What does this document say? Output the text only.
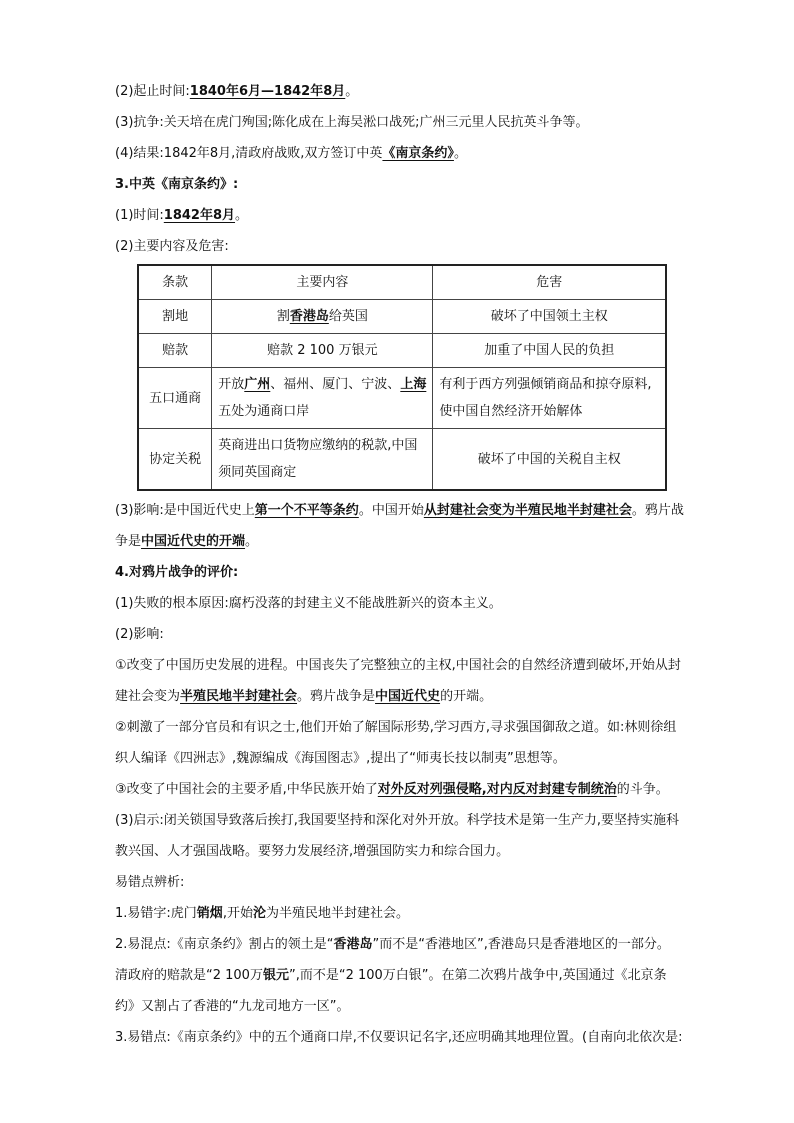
(2)起止时间:1840年6月—1842年8月。

(3)抗争:关天培在虎门殉国;陈化成在上海吴淞口战死;广州三元里人民抗英斗争等。

(4)结果:1842年8月,清政府战败,双方签订中英《南京条约》。

3.中英《南京条约》:

(1)时间:1842年8月。

(2)主要内容及危害:

条款	主要内容	危害
割地	割香港岛给英国	破坏了中国领土主权
赔款	赔款 2 100 万银元	加重了中国人民的负担
五口通商	开放广州、福州、厦门、宁波、上海五处为通商口岸	有利于西方列强倾销商品和掠夺原料,使中国自然经济开始解体
协定关税	英商进出口货物应缴纳的税款,中国须同英国商定	破坏了中国的关税自主权

(3)影响:是中国近代史上第一个不平等条约。中国开始从封建社会变为半殖民地半封建社会。鸦片战

争是中国近代史的开端。

4.对鸦片战争的评价:

(1)失败的根本原因:腐朽没落的封建主义不能战胜新兴的资本主义。

(2)影响:

①改变了中国历史发展的进程。中国丧失了完整独立的主权,中国社会的自然经济遭到破坏,开始从封

建社会变为半殖民地半封建社会。鸦片战争是中国近代史的开端。

②刺激了一部分官员和有识之士,他们开始了解国际形势,学习西方,寻求强国御敌之道。如:林则徐组

织人编译《四洲志》,魏源编成《海国图志》,提出了“师夷长技以制夷”思想等。

③改变了中国社会的主要矛盾,中华民族开始了对外反对列强侵略,对内反对封建专制统治的斗争。

(3)启示:闭关锁国导致落后挨打,我国要坚持和深化对外开放。科学技术是第一生产力,要坚持实施科

教兴国、人才强国战略。要努力发展经济,增强国防实力和综合国力。

易错点辨析:

1.易错字:虎门销烟,开始沦为半殖民地半封建社会。

2.易混点:《南京条约》割占的领土是“香港岛”而不是“香港地区”,香港岛只是香港地区的一部分。

清政府的赔款是“2 100万银元”,而不是“2 100万白银”。在第二次鸦片战争中,英国通过《北京条

约》又割占了香港的“九龙司地方一区”。

3.易错点:《南京条约》中的五个通商口岸,不仅要识记名字,还应明确其地理位置。(自南向北依次是:
